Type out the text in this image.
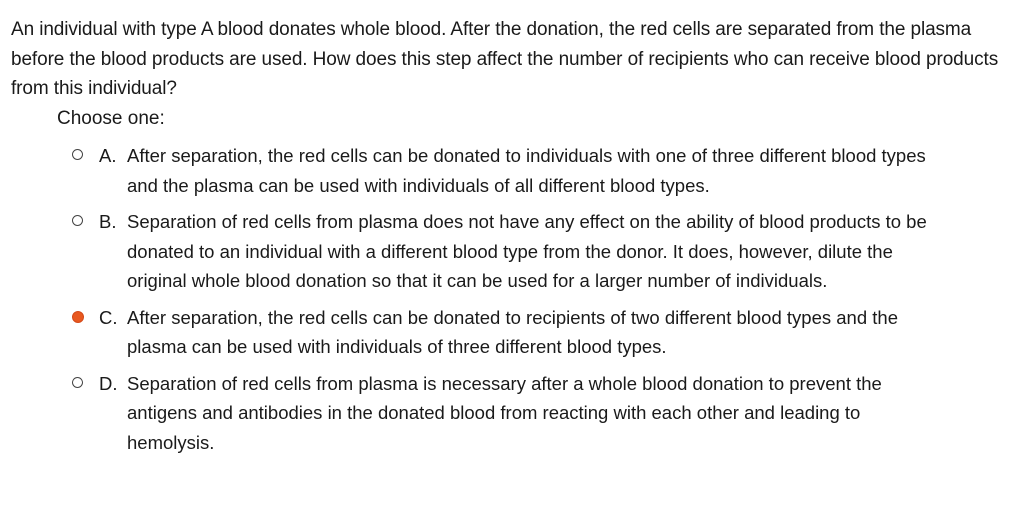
An individual with type A blood donates whole blood. After the donation, the red cells are separated from the plasma before the blood products are used. How does this step affect the number of recipients who can receive blood products from this individual?
Choose one:
A. After separation, the red cells can be donated to individuals with one of three different blood types and the plasma can be used with individuals of all different blood types.
B. Separation of red cells from plasma does not have any effect on the ability of blood products to be donated to an individual with a different blood type from the donor. It does, however, dilute the original whole blood donation so that it can be used for a larger number of individuals.
C. After separation, the red cells can be donated to recipients of two different blood types and the plasma can be used with individuals of three different blood types.
D. Separation of red cells from plasma is necessary after a whole blood donation to prevent the antigens and antibodies in the donated blood from reacting with each other and leading to hemolysis.
